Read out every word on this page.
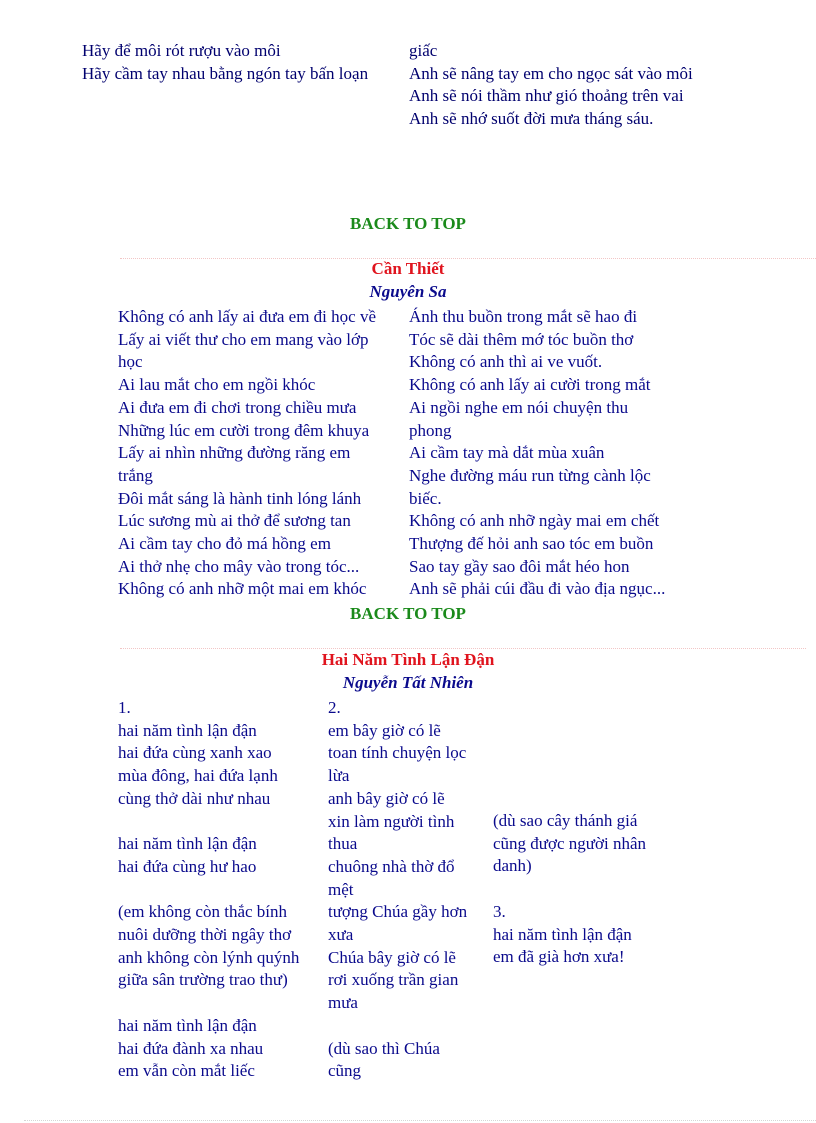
Hãy để môi rót rượu vào môi
Hãy cầm tay nhau bằng ngón tay bấn loạn
giấc
Anh sẽ nâng tay em cho ngọc sát vào môi
Anh sẽ nói thầm như gió thoảng trên vai
Anh sẽ nhớ suốt đời mưa tháng sáu.
BACK TO TOP
Cần Thiết
Nguyên Sa
Không có anh lấy ai đưa em đi học về
Lấy ai viết thư cho em mang vào lớp
học
Ai lau mắt cho em ngồi khóc
Ai đưa em đi chơi trong chiều mưa
Những lúc em cười trong đêm khuya
Lấy ai nhìn những đường răng em
trắng
Đôi mắt sáng là hành tinh lóng lánh
Lúc sương mù ai thở để sương tan
Ai cầm tay cho đỏ má hồng em
Ai thở nhẹ cho mây vào trong tóc...
Không có anh nhỡ một mai em khóc
Ánh thu buồn trong mắt sẽ hao đi
Tóc sẽ dài thêm mớ tóc buồn thơ
Không có anh thì ai ve vuốt.
Không có anh lấy ai cười trong mắt
Ai ngồi nghe em nói chuyện thu
phong
Ai cầm tay mà dắt mùa xuân
Nghe đường máu run từng cành lộc
biếc.
Không có anh nhỡ ngày mai em chết
Thượng đế hỏi anh sao tóc em buồn
Sao tay gầy sao đôi mắt héo hon
Anh sẽ phải cúi đầu đi vào địa ngục...
BACK TO TOP
Hai Năm Tình Lận Đận
Nguyễn Tất Nhiên
1.
hai năm tình lận đận
hai đứa cùng xanh xao
mùa đông, hai đứa lạnh
cùng thở dài như nhau

hai năm tình lận đận
hai đứa cùng hư hao

(em không còn thắc bính
nuôi dưỡng thời ngây thơ
anh không còn lýnh quýnh
giữa sân trường trao thư)

hai năm tình lận đận
hai đứa đành xa nhau
em vẫn còn mắt liếc
2.
em bây giờ có lẽ
toan tính chuyện lọc
lừa
anh bây giờ có lẽ
xin làm người tình
thua
chuông nhà thờ đổ
mệt
tượng Chúa gầy hơn
xưa
Chúa bây giờ có lẽ
rơi xuống trần gian
mưa

(dù sao thì Chúa
cũng
(dù sao cây thánh giá
cũng được người nhân
danh)

3.
hai năm tình lận đận
em đã già hơn xưa!
